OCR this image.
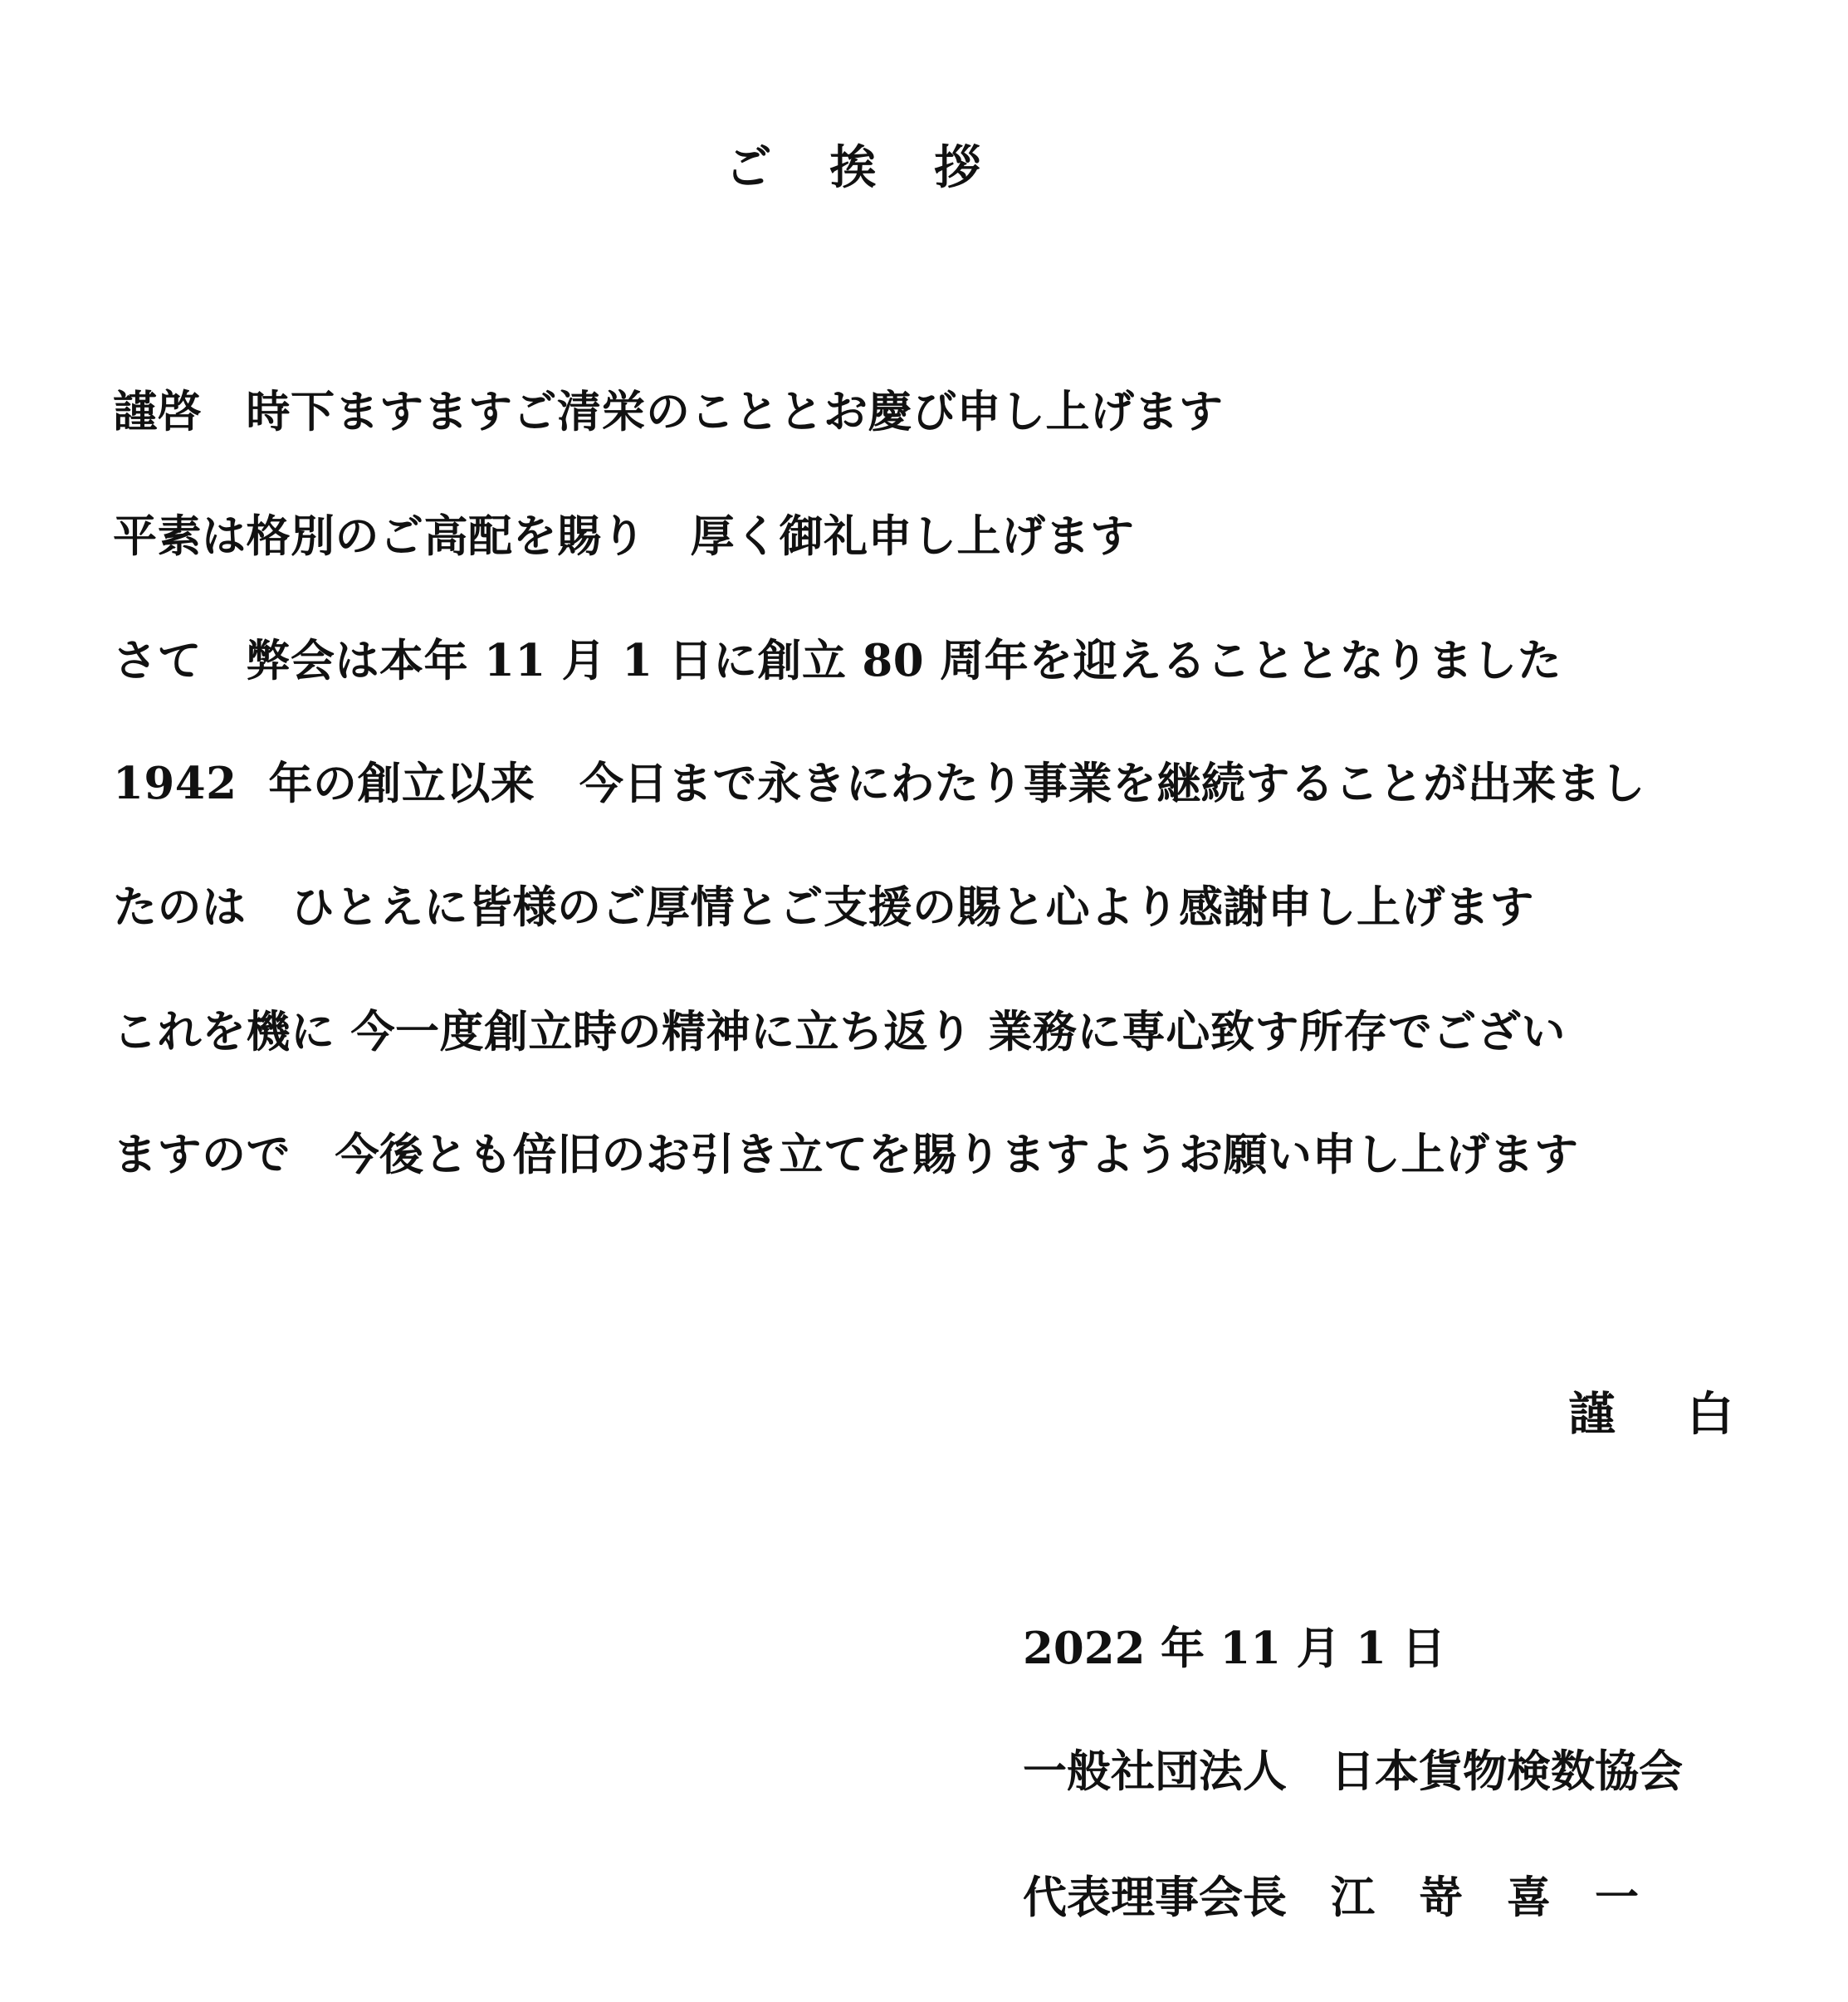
ご 挨 拶
謹啓　時下ますますご清栄のこととお慶び申し上げます
平素は格別のご高配を賜り　厚く御礼申し上げます
さて　弊会は本年 11 月 1 日に創立 80 周年を迎えることとなりました
1942  年の創立以来　今日まで永きにわたり事業を継続することが出来まし
たのは　ひとえに皆様のご厚情とご支援の賜と心より感謝申し上げます
これを機に 今一度創立時の精神に立ち返り 業務に専心致す所存でござい
ますので　今後とも倍旧のお引き立てを賜りますようお願い申し上げます
謹 白
2022 年 11 月 1 日
一般社団法人　日本貨物検数協会
代表理事会長　江　嵜　喜　一
